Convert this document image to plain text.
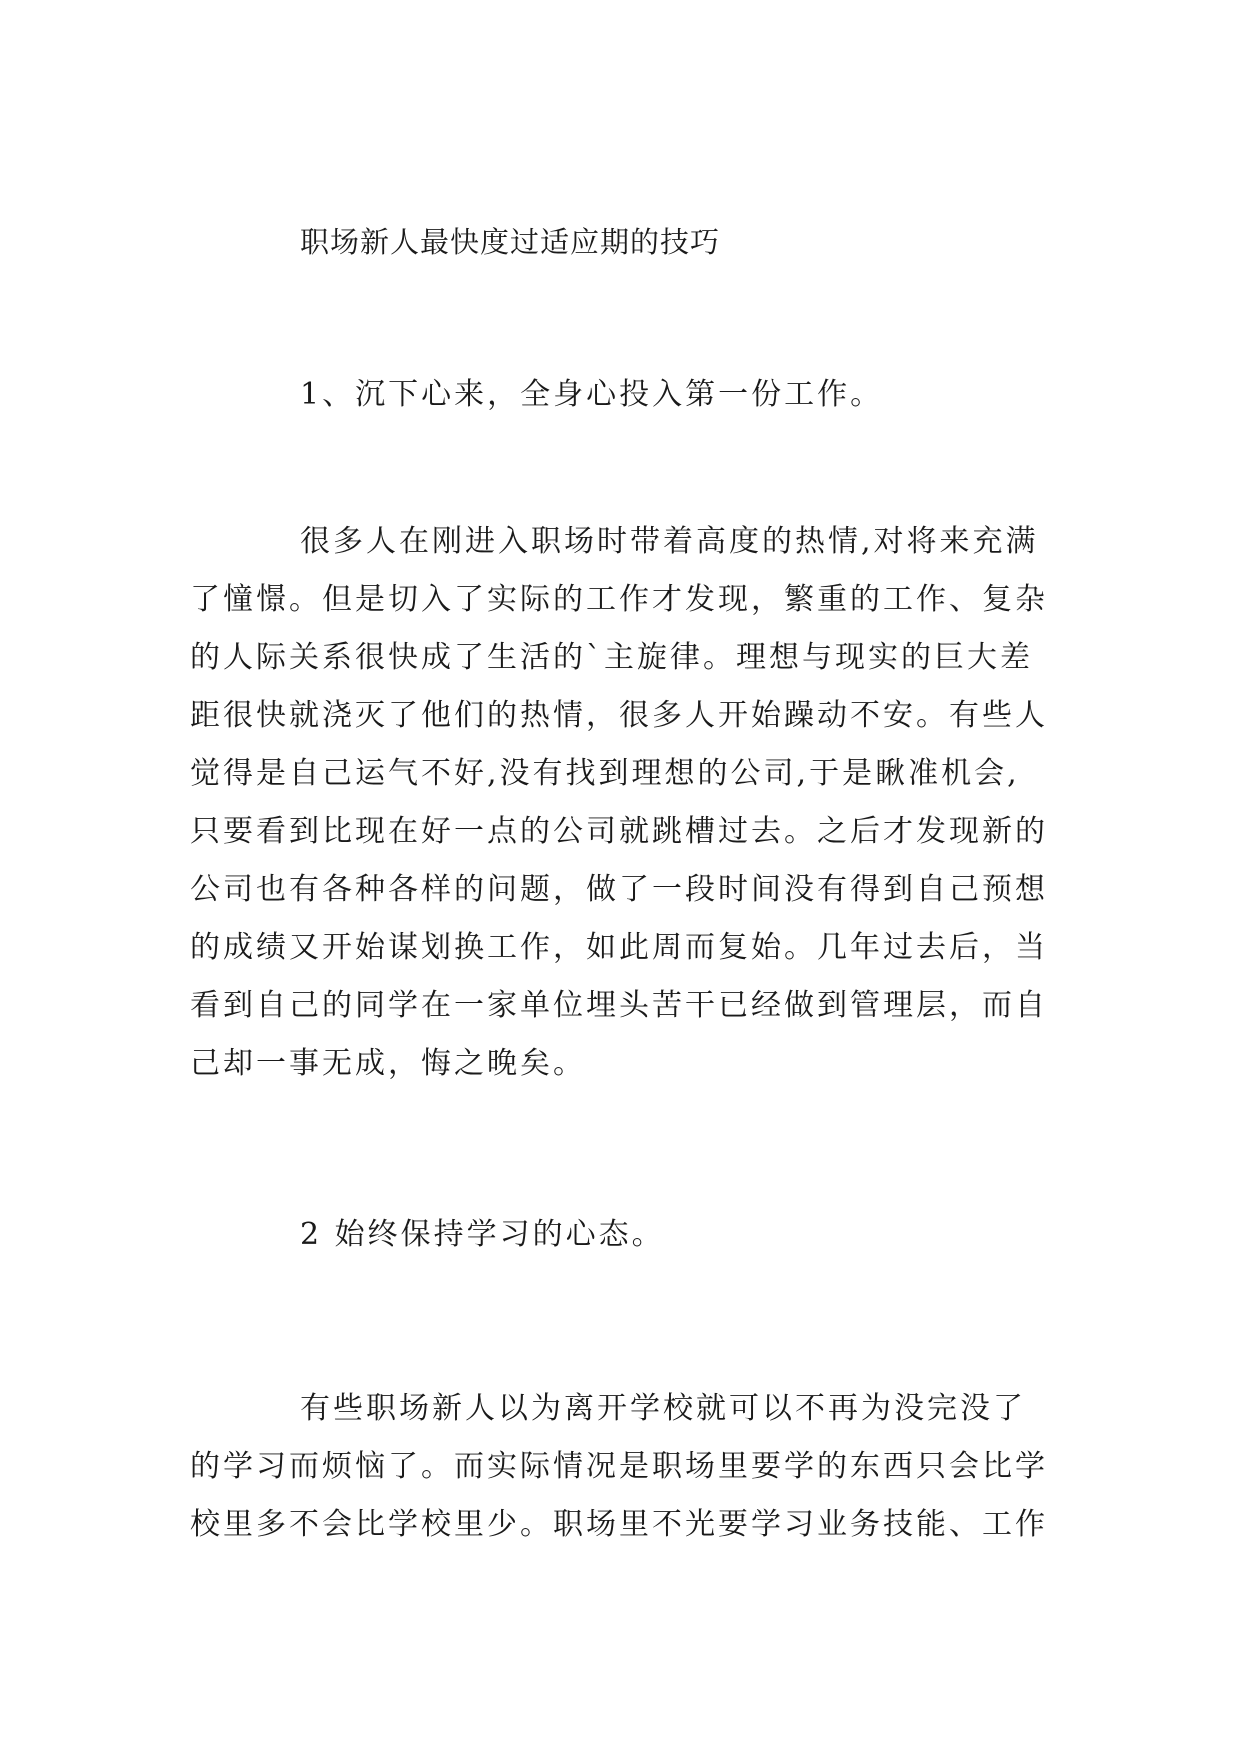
职场新人最快度过适应期的技巧
1、沉下心来，全身心投入第一份工作。
很多人在刚进入职场时带着高度的热情,对将来充满
了憧憬。但是切入了实际的工作才发现，繁重的工作、复杂
的人际关系很快成了生活的`主旋律。理想与现实的巨大差
距很快就浇灭了他们的热情，很多人开始躁动不安。有些人
觉得是自己运气不好,没有找到理想的公司,于是瞅准机会,
只要看到比现在好一点的公司就跳槽过去。之后才发现新的
公司也有各种各样的问题，做了一段时间没有得到自己预想
的成绩又开始谋划换工作，如此周而复始。几年过去后，当
看到自己的同学在一家单位埋头苦干已经做到管理层，而自
己却一事无成，悔之晚矣。
2 始终保持学习的心态。
有些职场新人以为离开学校就可以不再为没完没了
的学习而烦恼了。而实际情况是职场里要学的东西只会比学
校里多不会比学校里少。职场里不光要学习业务技能、工作
